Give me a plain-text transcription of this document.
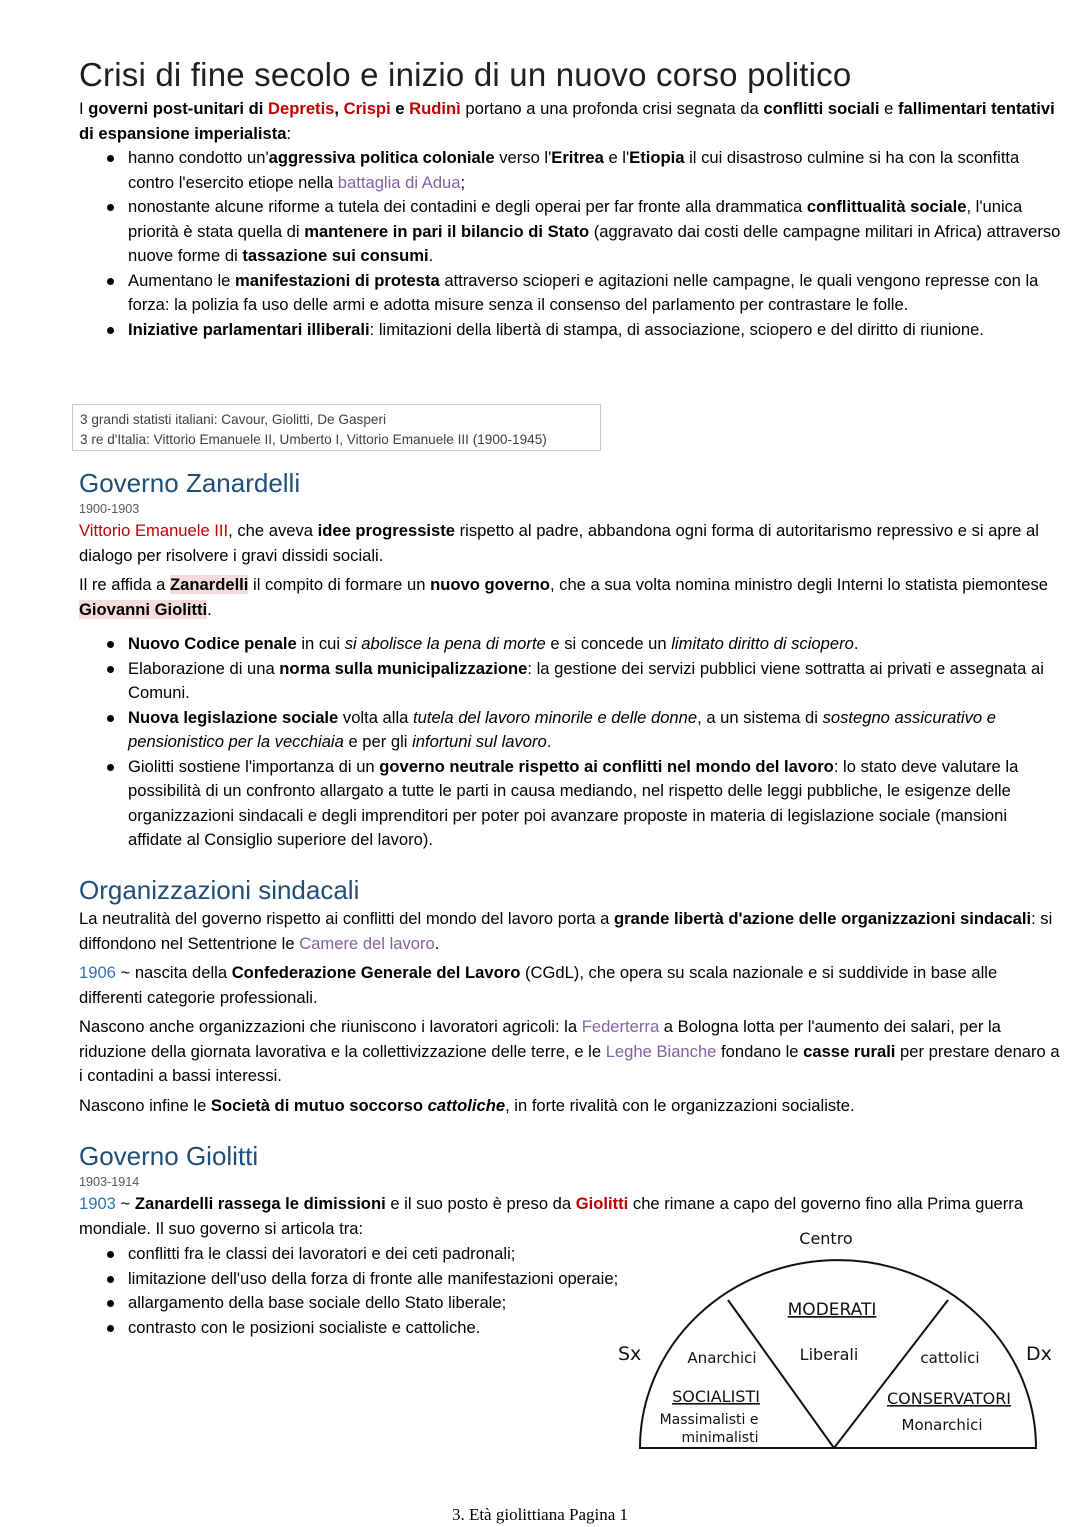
Crisi di fine secolo e inizio di un nuovo corso politico

I governi post-unitari di Depretis, Crispi e Rudinì portano a una profonda crisi segnata da conflitti sociali e fallimentari tentativi di espansione imperialista:

hanno condotto un'aggressiva politica coloniale verso l'Eritrea e l'Etiopia il cui disastroso culmine si ha con la sconfitta contro l'esercito etiope nella battaglia di Adua;
nonostante alcune riforme a tutela dei contadini e degli operai per far fronte alla drammatica conflittualità sociale, l'unica priorità è stata quella di mantenere in pari il bilancio di Stato (aggravato dai costi delle campagne militari in Africa) attraverso nuove forme di tassazione sui consumi.
Aumentano le manifestazioni di protesta attraverso scioperi e agitazioni nelle campagne, le quali vengono represse con la forza: la polizia fa uso delle armi e adotta misure senza il consenso del parlamento per contrastare le folle.
Iniziative parlamentari illiberali: limitazioni della libertà di stampa, di associazione, sciopero e del diritto di riunione.
3 grandi statisti italiani: Cavour, Giolitti, De Gasperi
3 re d'Italia: Vittorio Emanuele II, Umberto I, Vittorio Emanuele III (1900-1945)
Governo Zanardelli

1900-1903

Vittorio Emanuele III, che aveva idee progressiste rispetto al padre, abbandona ogni forma di autoritarismo repressivo e si apre al dialogo per risolvere i gravi dissidi sociali.

Il re affida a Zanardelli il compito di formare un nuovo governo, che a sua volta nomina ministro degli Interni lo statista piemontese Giovanni Giolitti.

Nuovo Codice penale in cui si abolisce la pena di morte e si concede un limitato diritto di sciopero.
Elaborazione di una norma sulla municipalizzazione: la gestione dei servizi pubblici viene sottratta ai privati e assegnata ai Comuni.
Nuova legislazione sociale volta alla tutela del lavoro minorile e delle donne, a un sistema di sostegno assicurativo e pensionistico per la vecchiaia e per gli infortuni sul lavoro.
Giolitti sostiene l'importanza di un governo neutrale rispetto ai conflitti nel mondo del lavoro: lo stato deve valutare la possibilità di un confronto allargato a tutte le parti in causa mediando, nel rispetto delle leggi pubbliche, le esigenze delle organizzazioni sindacali e degli imprenditori per poter poi avanzare proposte in materia di legislazione sociale (mansioni affidate al Consiglio superiore del lavoro).
Organizzazioni sindacali

La neutralità del governo rispetto ai conflitti del mondo del lavoro porta a grande libertà d'azione delle organizzazioni sindacali: si diffondono nel Settentrione le Camere del lavoro.

1906 ~ nascita della Confederazione Generale del Lavoro (CGdL), che opera su scala nazionale e si suddivide in base alle differenti categorie professionali.

Nascono anche organizzazioni che riuniscono i lavoratori agricoli: la Federterra a Bologna lotta per l'aumento dei salari, per la riduzione della giornata lavorativa e la collettivizzazione delle terre, e le Leghe Bianche fondano le casse rurali per prestare denaro a i contadini a bassi interessi.

Nascono infine le Società di mutuo soccorso cattoliche, in forte rivalità con le organizzazioni socialiste.

Governo Giolitti

1903-1914

1903 ~ Zanardelli rassega le dimissioni e il suo posto è preso da Giolitti che rimane a capo del governo fino alla Prima guerra mondiale. Il suo governo si articola tra:

conflitti fra le classi dei lavoratori e dei ceti padronali;
limitazione dell'uso della forza di fronte alle manifestazioni operaie;
allargamento della base sociale dello Stato liberale;
contrasto con le posizioni socialiste e cattoliche.
Centro
Sx	Dx
Anarchici
SOCIALISTI
Massimalisti e
minimalisti
MODERATI
Liberali	cattolici
CONSERVATORI
Monarchici
3. Età giolittiana Pagina 1
